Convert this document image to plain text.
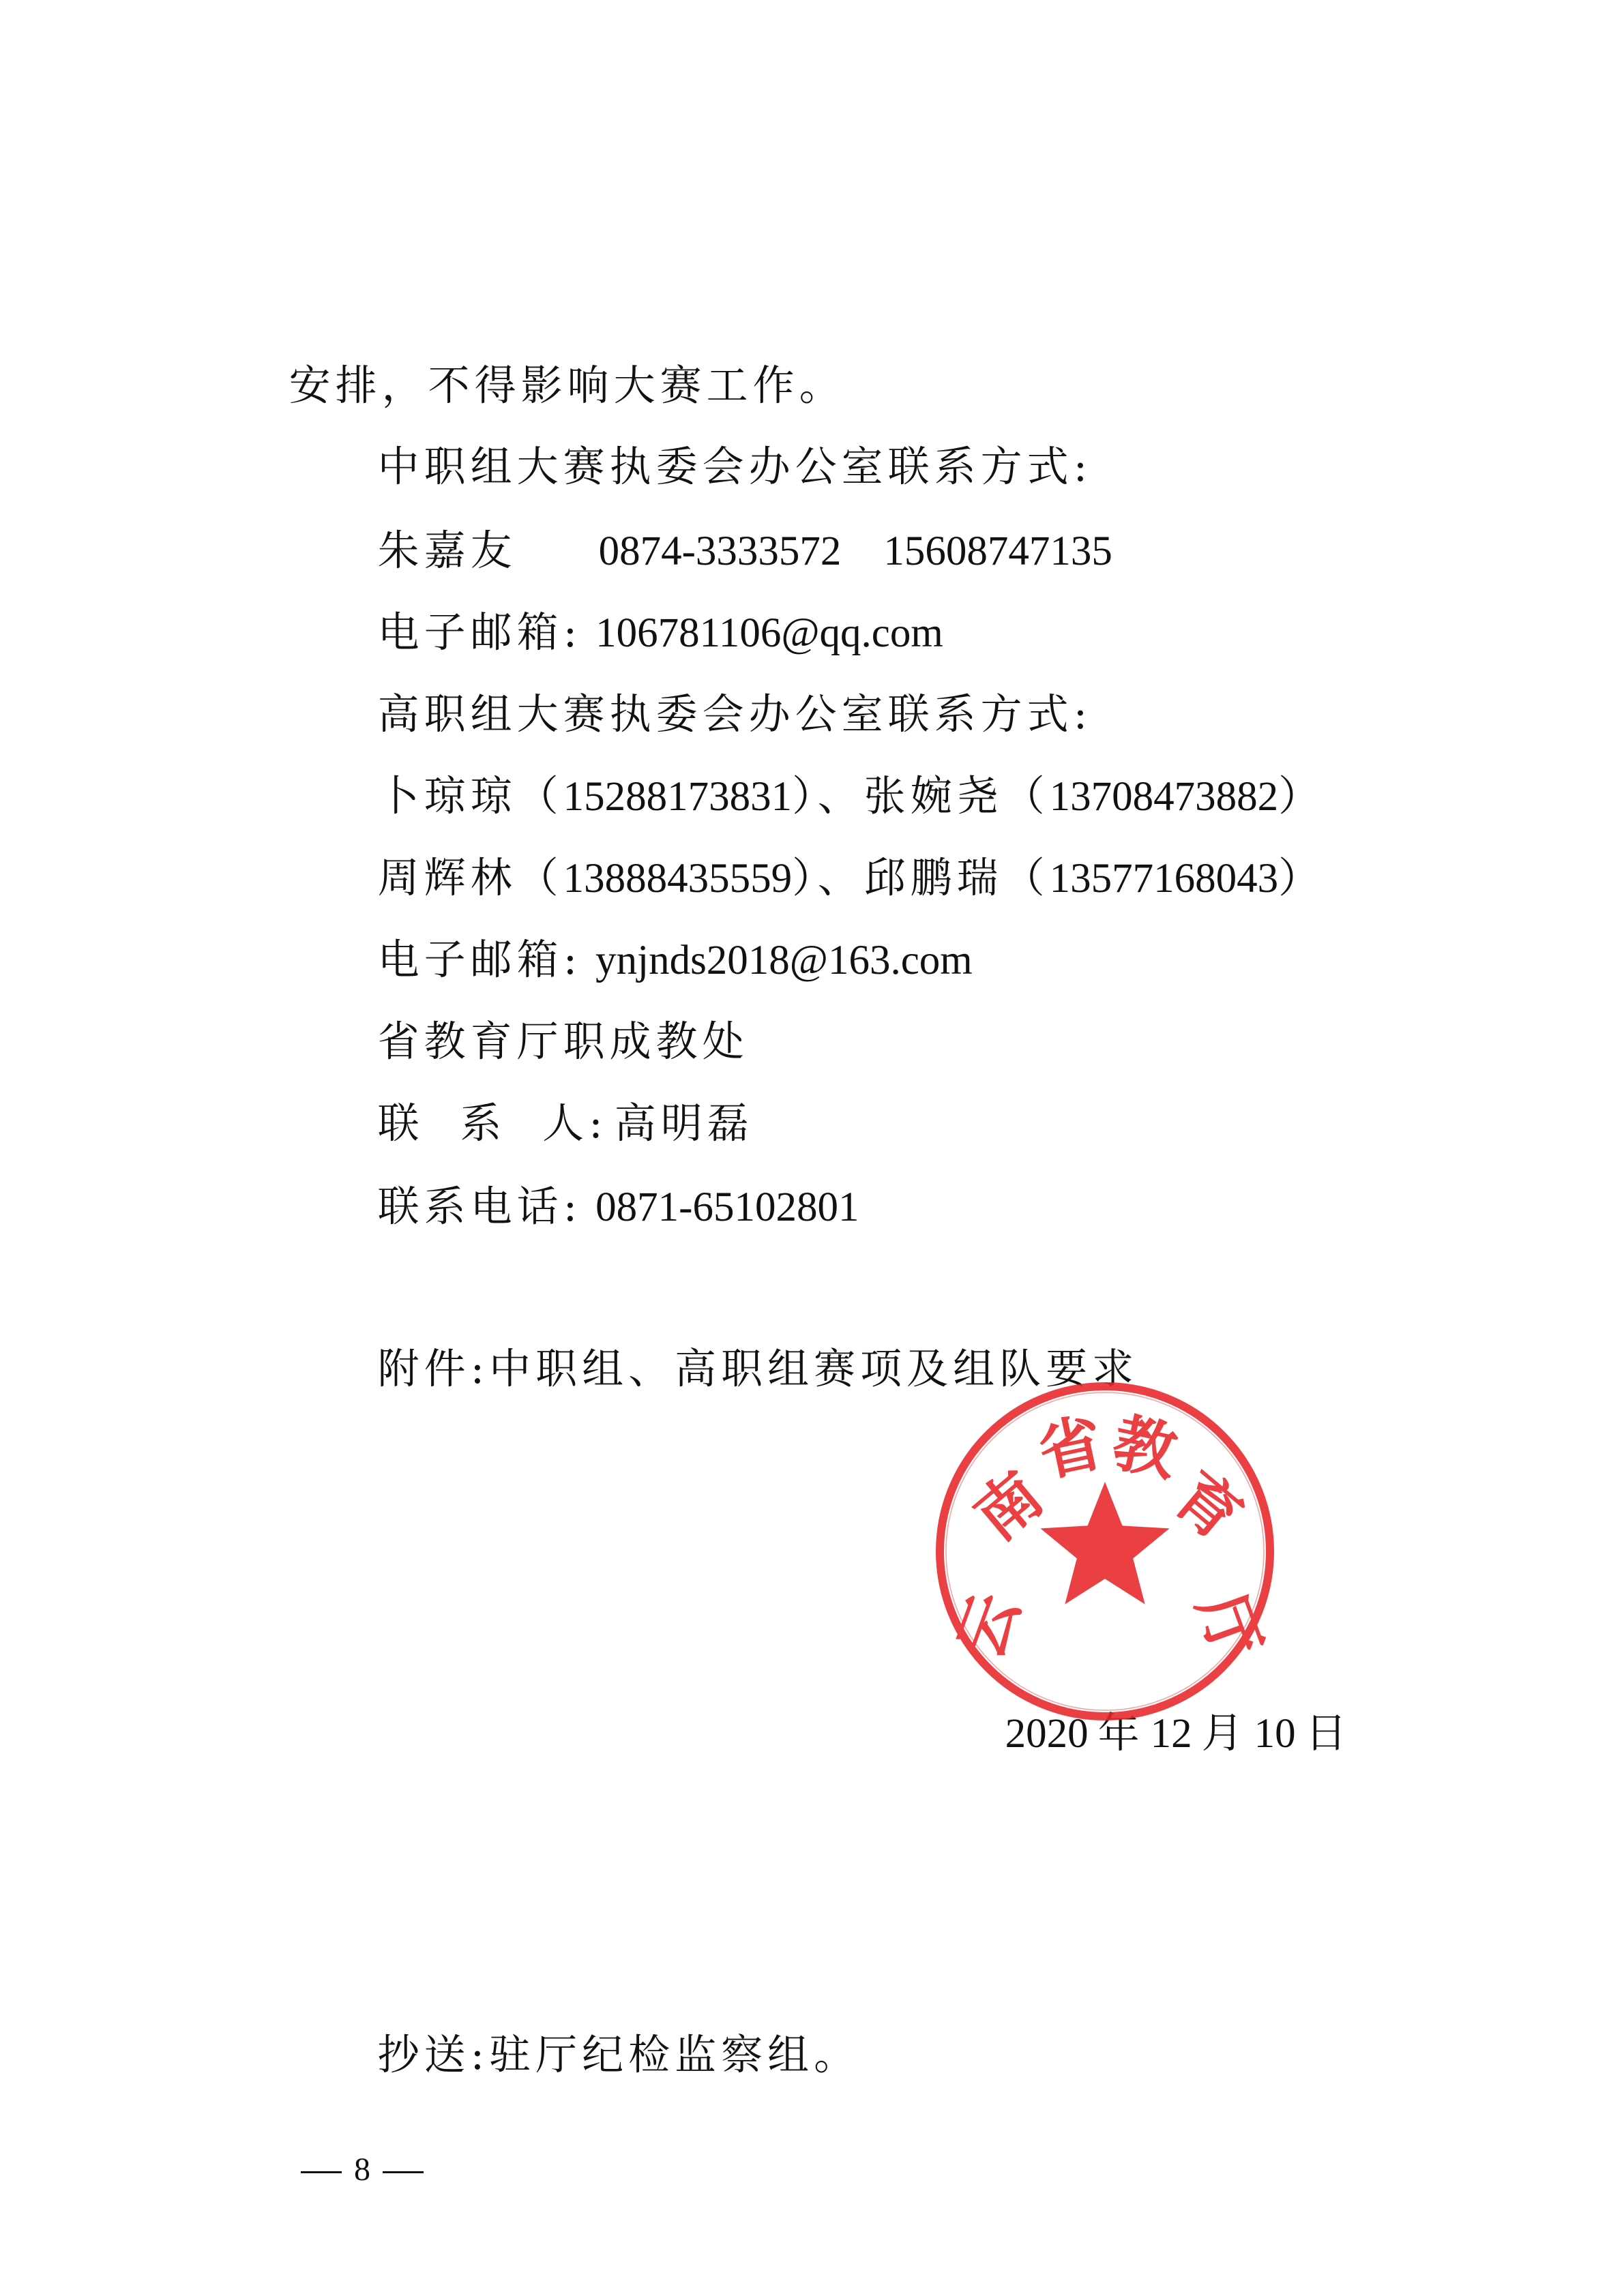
安排，不得影响大赛工作。

中职组大赛执委会办公室联系方式:

朱嘉友 0874-3333572 15608747135

电子邮箱: 106781106@qq.com

高职组大赛执委会办公室联系方式:

卜琼琼（15288173831）、张婉尧（13708473882）

周辉林（13888435559）、邱鹏瑞（13577168043）

电子邮箱: ynjnds2018@163.com

省教育厅职成教处

联  系  人: 高明磊

联系电话: 0871-65102801

附件:中职组、高职组赛项及组队要求

2020 年 12 月 10 日

云
南
省
教
育
厅

抄送:驻厅纪检监察组。

8
